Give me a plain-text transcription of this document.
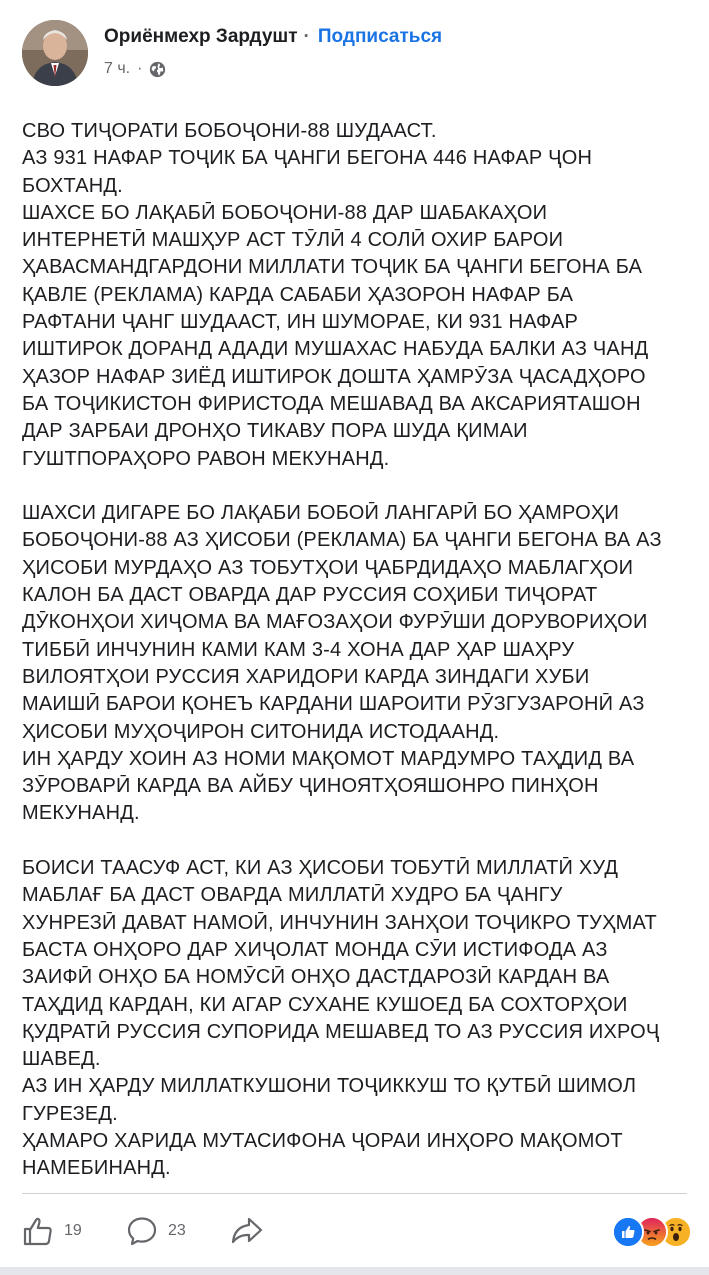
Ориёнмехр Зардушт · Подписаться
7 ч. ·
СВО ТИҶОРАТИ БОБОҶОНИ-88 ШУДААСТ.
АЗ 931 НАФАР ТОҶИК БА ҶАНГИ БЕГОНА 446 НАФАР ҶОН
БОХТАНД.
ШАХСЕ БО ЛАҚАБӢ БОБОҶОНИ-88 ДАР ШАБАКАҲОИ
ИНТЕРНЕТӢ МАШҲУР АСТ ТӮЛӢ 4 СОЛӢ ОХИР БАРОИ
ҲАВАСМАНДГАРДОНИ МИЛЛАТИ ТОҶИК БА ҶАНГИ БЕГОНА БА
ҚАВЛЕ (РЕКЛАМА) КАРДА САБАБИ ҲАЗОРОН НАФАР БА
РАФТАНИ ҶАНГ ШУДААСТ, ИН ШУМОРАЕ, КИ 931 НАФАР
ИШТИРОК ДОРАНД АДАДИ МУШАХАС НАБУДА БАЛКИ АЗ ЧАНД
ҲАЗОР НАФАР ЗИЁД ИШТИРОК ДОШТА ҲАМРӮЗА ҶАСАДҲОРО
БА ТОҶИКИСТОН ФИРИСТОДА МЕШАВАД ВА АКСАРИЯТАШОН
ДАР ЗАРБАИ ДРОНҲО ТИКАВУ ПОРА ШУДА ҚИМАИ
ГУШТПОРАҲОРО РАВОН МЕКУНАНД.
ШАХСИ ДИГАРЕ БО ЛАҚАБИ БОБОӢ ЛАНГАРӢ БО ҲАМРОҲИ
БОБОҶОНИ-88 АЗ ҲИСОБИ (РЕКЛАМА) БА ҶАНГИ БЕГОНА ВА АЗ
ҲИСОБИ МУРДАҲО АЗ ТОБУТҲОИ ҶАБРДИДАҲО МАБЛАГҲОИ
КАЛОН БА ДАСТ ОВАРДА ДАР РУССИЯ СОҲИБИ ТИҶОРАТ
ДӮКОНҲОИ ХИҶОМА ВА МАҒОЗАҲОИ ФУРӮШИ ДОРУВОРИҲОИ
ТИББӢ ИНЧУНИН КАМИ КАМ 3-4 ХОНА ДАР ҲАР ШАҲРУ
ВИЛОЯТҲОИ РУССИЯ ХАРИДОРИ КАРДА ЗИНДАГИ ХУБИ
МАИШӢ БАРОИ ҚОНЕЪ КАРДАНИ ШАРОИТИ РӮЗГУЗАРОНӢ АЗ
ҲИСОБИ МУҲОҶИРОН СИТОНИДА ИСТОДААНД.
ИН ҲАРДУ ХОИН АЗ НОМИ МАҚОМОТ МАРДУМРО ТАҲДИД ВА
ЗӮРОВАРӢ КАРДА ВА АЙБУ ҶИНОЯТҲОЯШОНРО ПИНҲОН
МЕКУНАНД.
БОИСИ ТААСУФ АСТ, КИ АЗ ҲИСОБИ ТОБУТӢ МИЛЛАТӢ ХУД
МАБЛАҒ БА ДАСТ ОВАРДА МИЛЛАТӢ ХУДРО БА ҶАНГУ
ХУНРЕЗӢ ДАВАТ НАМОӢ, ИНЧУНИН ЗАНҲОИ ТОҶИКРО ТУҲМАТ
БАСТА ОНҲОРО ДАР ХИҶОЛАТ МОНДА СӮИ ИСТИФОДА АЗ
ЗАИФӢ ОНҲО БА НОМӮСӢ ОНҲО ДАСТДАРОЗӢ КАРДАН ВА
ТАҲДИД КАРДАН, КИ АГАР СУХАНЕ КУШОЕД БА СОХТОРҲОИ
ҚУДРАТӢ РУССИЯ СУПОРИДА МЕШАВЕД ТО АЗ РУССИЯ ИХРОҶ
ШАВЕД.
АЗ ИН ҲАРДУ МИЛЛАТКУШОНИ ТОҶИККУШ ТО ҚУТБӢ ШИМОЛ
ГУРЕЗЕД.
ҲАМАРО ХАРИДА МУТАСИФОНА ҶОРАИ ИНҲОРО МАҚОМОТ
НАМЕБИНАНД.
19	23
